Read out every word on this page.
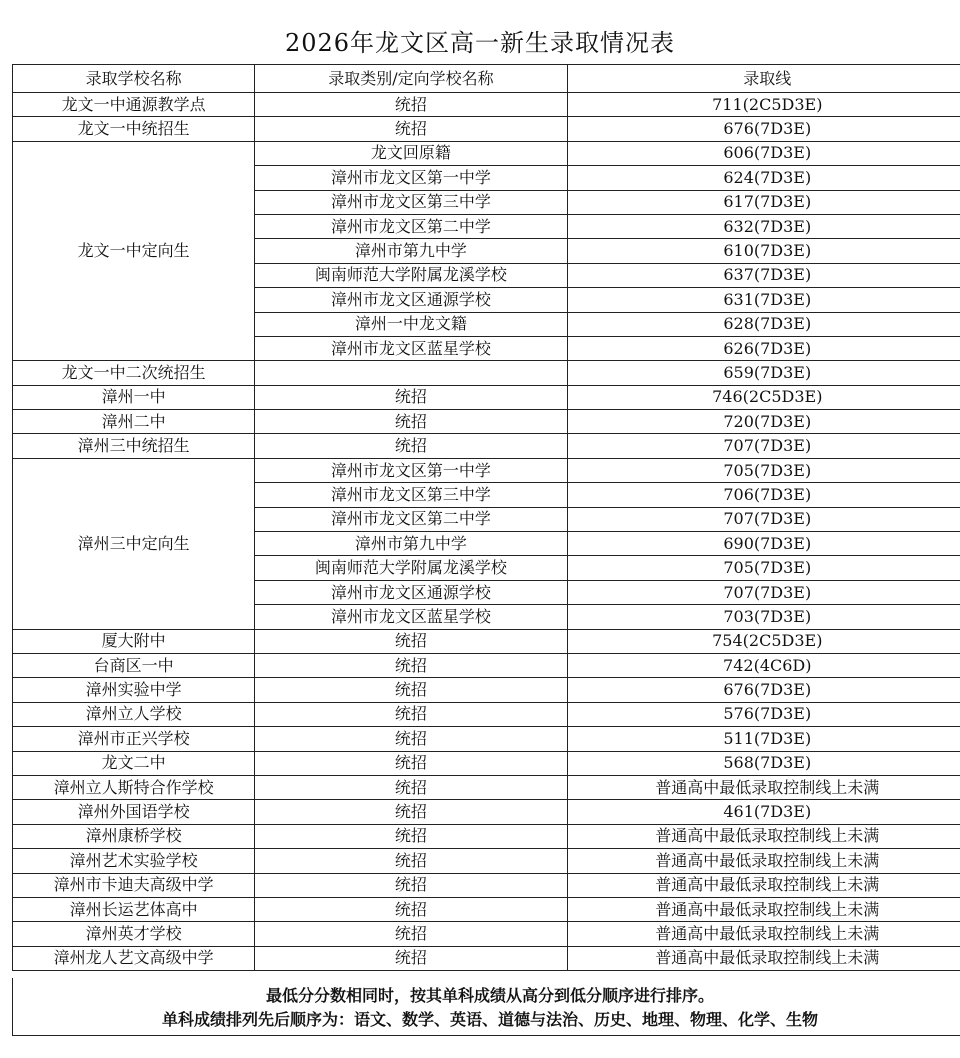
2026年龙文区高一新生录取情况表
录取学校名称	录取类别/定向学校名称	录取线
龙文一中通源教学点	统招	711(2C5D3E)
龙文一中统招生	统招	676(7D3E)
龙文一中定向生	龙文回原籍	606(7D3E)
	漳州市龙文区第一中学	624(7D3E)
	漳州市龙文区第三中学	617(7D3E)
	漳州市龙文区第二中学	632(7D3E)
	漳州市第九中学	610(7D3E)
	闽南师范大学附属龙溪学校	637(7D3E)
	漳州市龙文区通源学校	631(7D3E)
	漳州一中龙文籍	628(7D3E)
	漳州市龙文区蓝星学校	626(7D3E)
龙文一中二次统招生		659(7D3E)
漳州一中	统招	746(2C5D3E)
漳州二中	统招	720(7D3E)
漳州三中统招生	统招	707(7D3E)
漳州三中定向生	漳州市龙文区第一中学	705(7D3E)
	漳州市龙文区第三中学	706(7D3E)
	漳州市龙文区第二中学	707(7D3E)
	漳州市第九中学	690(7D3E)
	闽南师范大学附属龙溪学校	705(7D3E)
	漳州市龙文区通源学校	707(7D3E)
	漳州市龙文区蓝星学校	703(7D3E)
厦大附中	统招	754(2C5D3E)
台商区一中	统招	742(4C6D)
漳州实验中学	统招	676(7D3E)
漳州立人学校	统招	576(7D3E)
漳州市正兴学校	统招	511(7D3E)
龙文二中	统招	568(7D3E)
漳州立人斯特合作学校	统招	普通高中最低录取控制线上未满
漳州外国语学校	统招	461(7D3E)
漳州康桥学校	统招	普通高中最低录取控制线上未满
漳州艺术实验学校	统招	普通高中最低录取控制线上未满
漳州市卡迪夫高级中学	统招	普通高中最低录取控制线上未满
漳州长运艺体高中	统招	普通高中最低录取控制线上未满
漳州英才学校	统招	普通高中最低录取控制线上未满
漳州龙人艺文高级中学	统招	普通高中最低录取控制线上未满
最低分分数相同时，按其单科成绩从高分到低分顺序进行排序。
单科成绩排列先后顺序为：语文、数学、英语、道德与法治、历史、地理、物理、化学、生物
